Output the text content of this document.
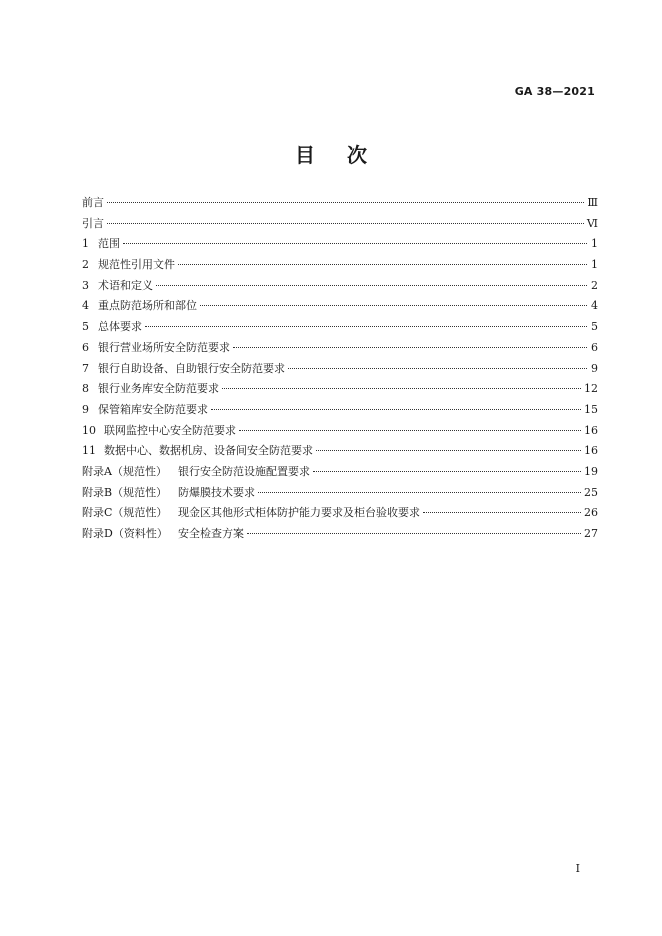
GA 38—2021
目次
前言	Ⅲ
引言	Ⅵ
1 范围	1
2 规范性引用文件	1
3 术语和定义	2
4 重点防范场所和部位	4
5 总体要求	5
6 银行营业场所安全防范要求	6
7 银行自助设备、自助银行安全防范要求	9
8 银行业务库安全防范要求	12
9 保管箱库安全防范要求	15
10 联网监控中心安全防范要求	16
11 数据中心、数据机房、设备间安全防范要求	16
附录A（规范性）	银行安全防范设施配置要求	19
附录B（规范性） 防爆膜技术要求	25
附录C（规范性） 现金区其他形式柜体防护能力要求及柜台验收要求	26
附录D（资料性） 安全检查方案	27
I
